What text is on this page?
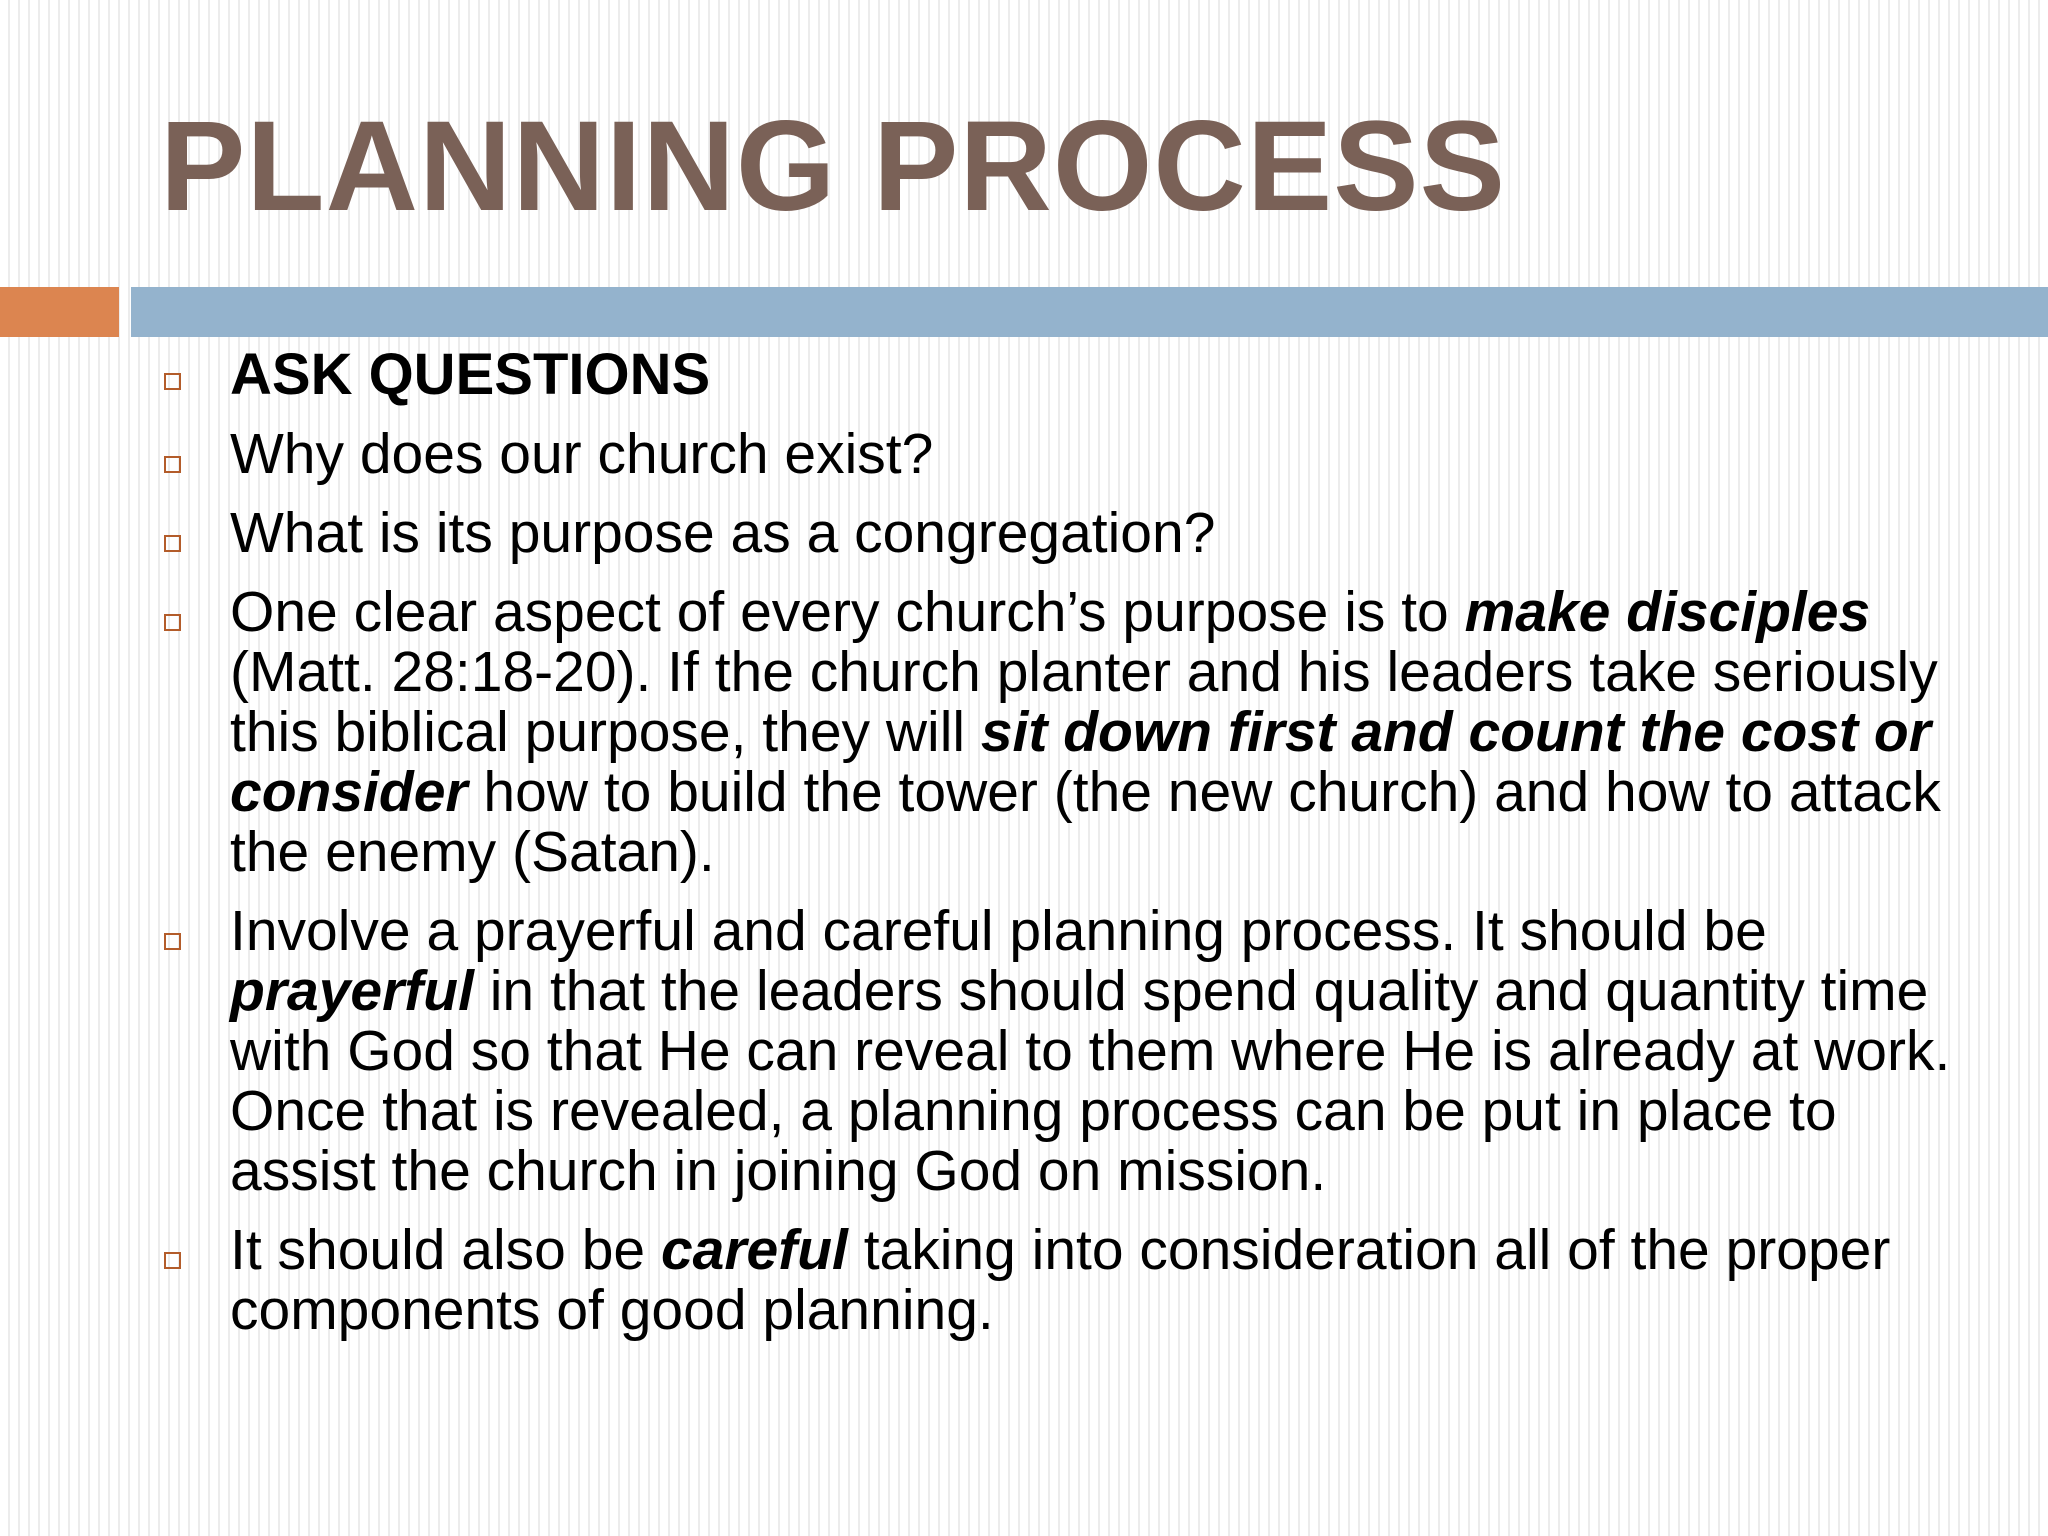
PLANNING PROCESS
ASK QUESTIONS
Why does our church exist?
What is its purpose as a congregation?
One clear aspect of every church’s purpose is to make disciples (Matt. 28:18-20). If the church planter and his leaders take seriously this biblical purpose, they will sit down first and count the cost or consider how to build the tower (the new church) and how to attack the enemy (Satan).
Involve a prayerful and careful planning process. It should be prayerful in that the leaders should spend quality and quantity time with God so that He can reveal to them where He is already at work. Once that is revealed, a planning process can be put in place to assist the church in joining God on mission.
It should also be careful taking into consideration all of the proper components of good planning.
